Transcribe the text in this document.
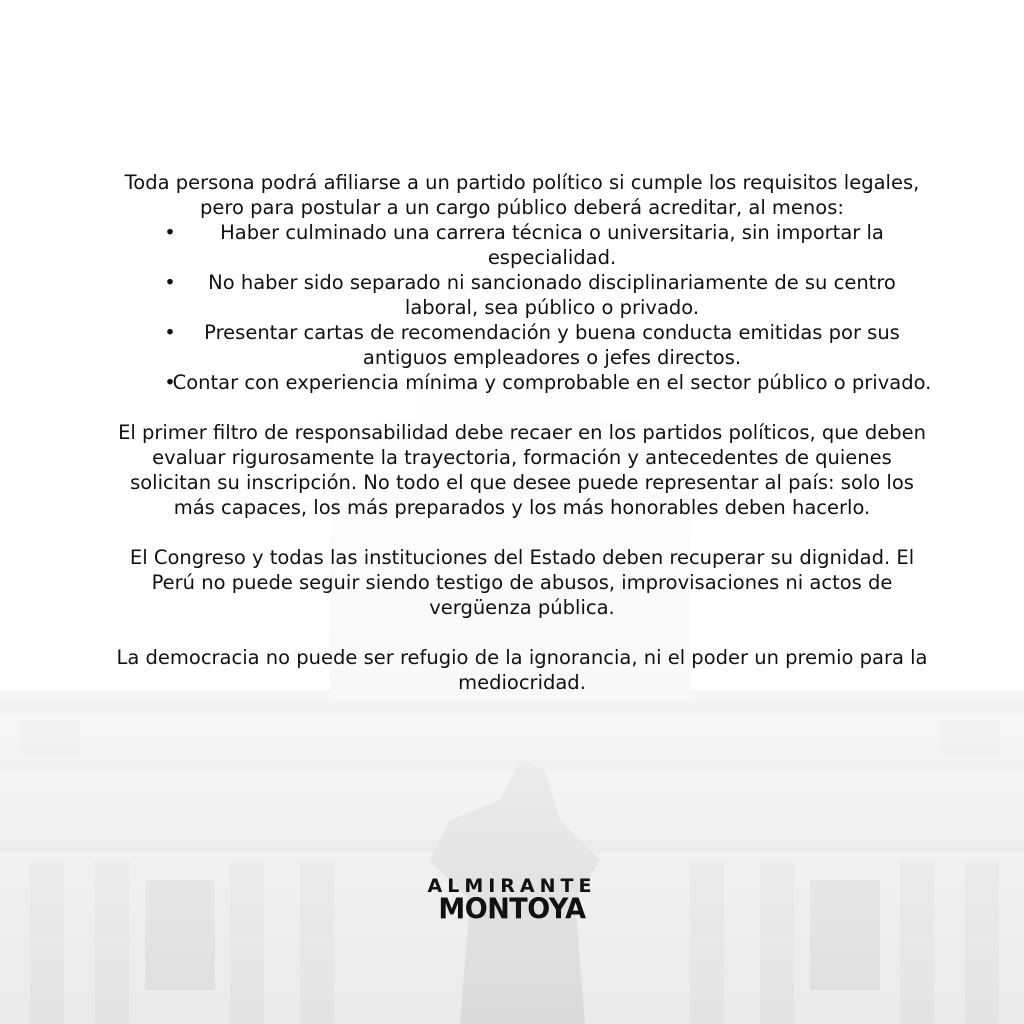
Toda persona podrá afiliarse a un partido político si cumple los requisitos legales, pero para postular a un cargo público deberá acreditar, al menos:

• Haber culminado una carrera técnica o universitaria, sin importar la especialidad.
• No haber sido separado ni sancionado disciplinariamente de su centro laboral, sea público o privado.
• Presentar cartas de recomendación y buena conducta emitidas por sus antiguos empleadores o jefes directos.
•
Contar con experiencia mínima y comprobable en el sector público o privado.

El primer filtro de responsabilidad debe recaer en los partidos políticos, que deben evaluar rigurosamente la trayectoria, formación y antecedentes de quienes solicitan su inscripción. No todo el que desee puede representar al país: solo los más capaces, los más preparados y los más honorables deben hacerlo.

El Congreso y todas las instituciones del Estado deben recuperar su dignidad. El Perú no puede seguir siendo testigo de abusos, improvisaciones ni actos de vergüenza pública.

La democracia no puede ser refugio de la ignorancia, ni el poder un premio para la mediocridad.

ALMIRANTE
MONTOYA
